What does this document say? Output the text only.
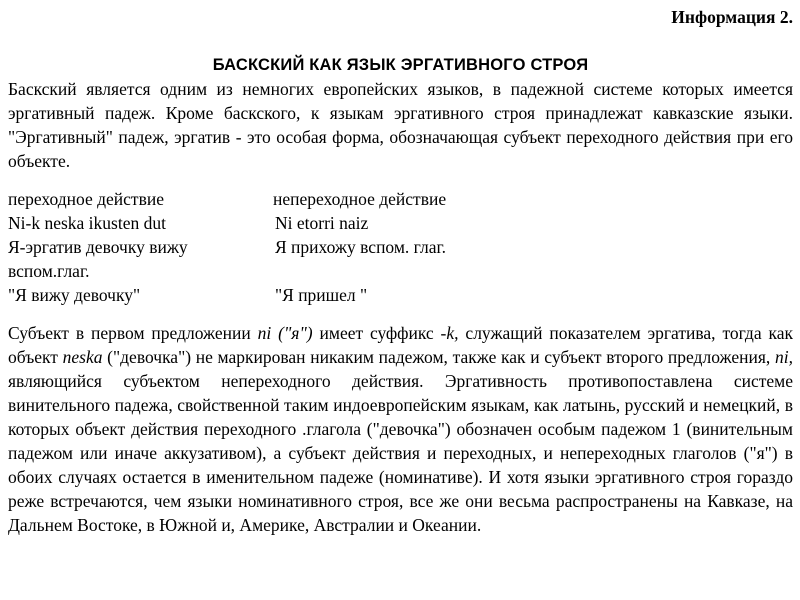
Информация 2.
БАСКСКИЙ КАК ЯЗЫК ЭРГАТИВНОГО СТРОЯ

Баскский является одним из немногих европейских языков, в падежной системе которых имеется эргативный падеж. Кроме баскского, к языкам эргативного строя принадлежат кавказские языки. "Эргативный" падеж, эргатив - это особая форма, обозначающая субъект переходного действия при его объекте.

переходное действие	непереходное действие
Ni-k neska ikusten dut	Ni etorri naiz
Я-эргатив девочку вижу	Я прихожу вспом. глаг.
вспом.глаг.
"Я вижу девочку"	"Я пришел "

Субъект в первом предложении ni ("я") имеет суффикс -k, служащий показателем эргатива, тогда как объект neska ("девочка") не маркирован никаким падежом, также как и субъект второго предложения, ni, являющийся субъектом непереходного действия. Эргативность противопоставлена системе винительного падежа, свойственной таким индоевропейским языкам, как латынь, русский и немецкий, в которых объект действия переходного .глагола ("девочка") обозначен особым падежом 1 (винительным падежом или иначе аккузативом), а субъект действия и переходных, и непереходных глаголов ("я") в обоих случаях остается в именительном падеже (номинативе). И хотя языки эргативного строя гораздо реже встречаются, чем языки номинативного строя, все же они весьма распространены на Кавказе, на Дальнем Востоке, в Южной и, Америке, Австралии и Океании.
